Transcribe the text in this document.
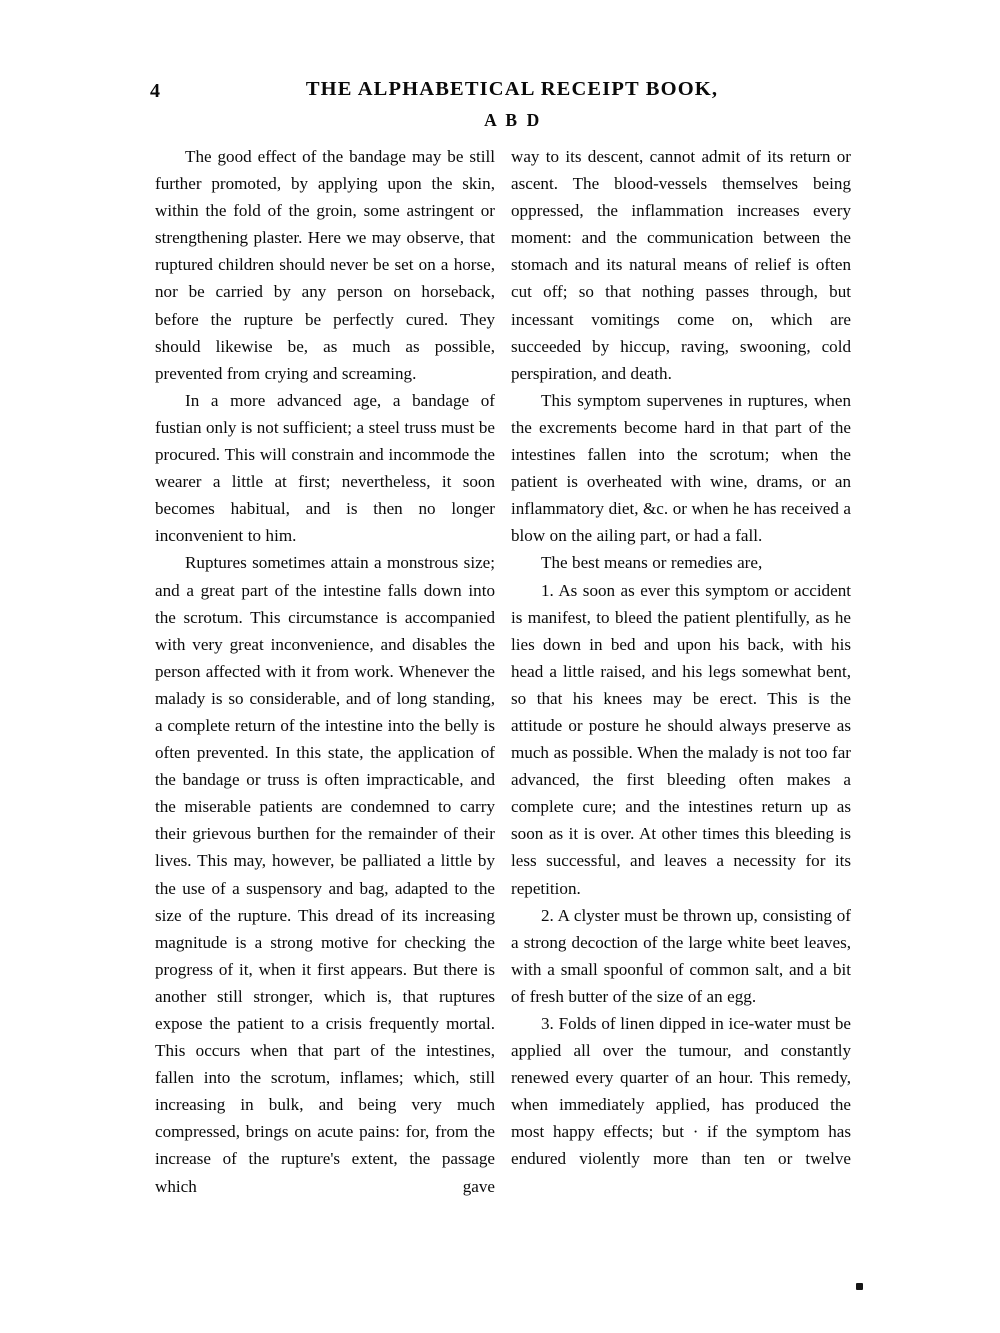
4	THE ALPHABETICAL RECEIPT BOOK,
A B D

The good effect of the bandage may be still further promoted, by applying upon the skin, within the fold of the groin, some astringent or strengthening plaster. Here we may observe, that ruptured children should never be set on a horse, nor be carried by any person on horseback, before the rupture be perfectly cured. They should likewise be, as much as possible, prevented from crying and screaming.

In a more advanced age, a bandage of fustian only is not sufficient; a steel truss must be procured. This will constrain and incommode the wearer a little at first; nevertheless, it soon becomes habitual, and is then no longer inconvenient to him.

Ruptures sometimes attain a monstrous size; and a great part of the intestine falls down into the scrotum. This circumstance is accompanied with very great inconvenience, and disables the person affected with it from work. Whenever the malady is so considerable, and of long standing, a complete return of the intestine into the belly is often prevented. In this state, the application of the bandage or truss is often impracticable, and the miserable patients are condemned to carry their grievous burthen for the remainder of their lives. This may, however, be palliated a little by the use of a suspensory and bag, adapted to the size of the rupture. This dread of its increasing magnitude is a strong motive for checking the progress of it, when it first appears. But there is another still stronger, which is, that ruptures expose the patient to a crisis frequently mortal. This occurs when that part of the intestines, fallen into the scrotum, inflames; which, still increasing in bulk, and being very much compressed, brings on acute pains: for, from the increase of the rupture's extent, the passage which gave

way to its descent, cannot admit of its return or ascent. The blood-vessels themselves being oppressed, the inflammation increases every moment: and the communication between the stomach and its natural means of relief is often cut off; so that nothing passes through, but incessant vomitings come on, which are succeeded by hiccup, raving, swooning, cold perspiration, and death.

This symptom supervenes in ruptures, when the excrements become hard in that part of the intestines fallen into the scrotum; when the patient is overheated with wine, drams, or an inflammatory diet, &c. or when he has received a blow on the ailing part, or had a fall.

The best means or remedies are,

1. As soon as ever this symptom or accident is manifest, to bleed the patient plentifully, as he lies down in bed and upon his back, with his head a little raised, and his legs somewhat bent, so that his knees may be erect. This is the attitude or posture he should always preserve as much as possible. When the malady is not too far advanced, the first bleeding often makes a complete cure; and the intestines return up as soon as it is over. At other times this bleeding is less successful, and leaves a necessity for its repetition.

2. A clyster must be thrown up, consisting of a strong decoction of the large white beet leaves, with a small spoonful of common salt, and a bit of fresh butter of the size of an egg.

3. Folds of linen dipped in ice-water must be applied all over the tumour, and constantly renewed every quarter of an hour. This remedy, when immediately applied, has produced the most happy effects; but · if the symptom has endured violently more than ten or twelve
